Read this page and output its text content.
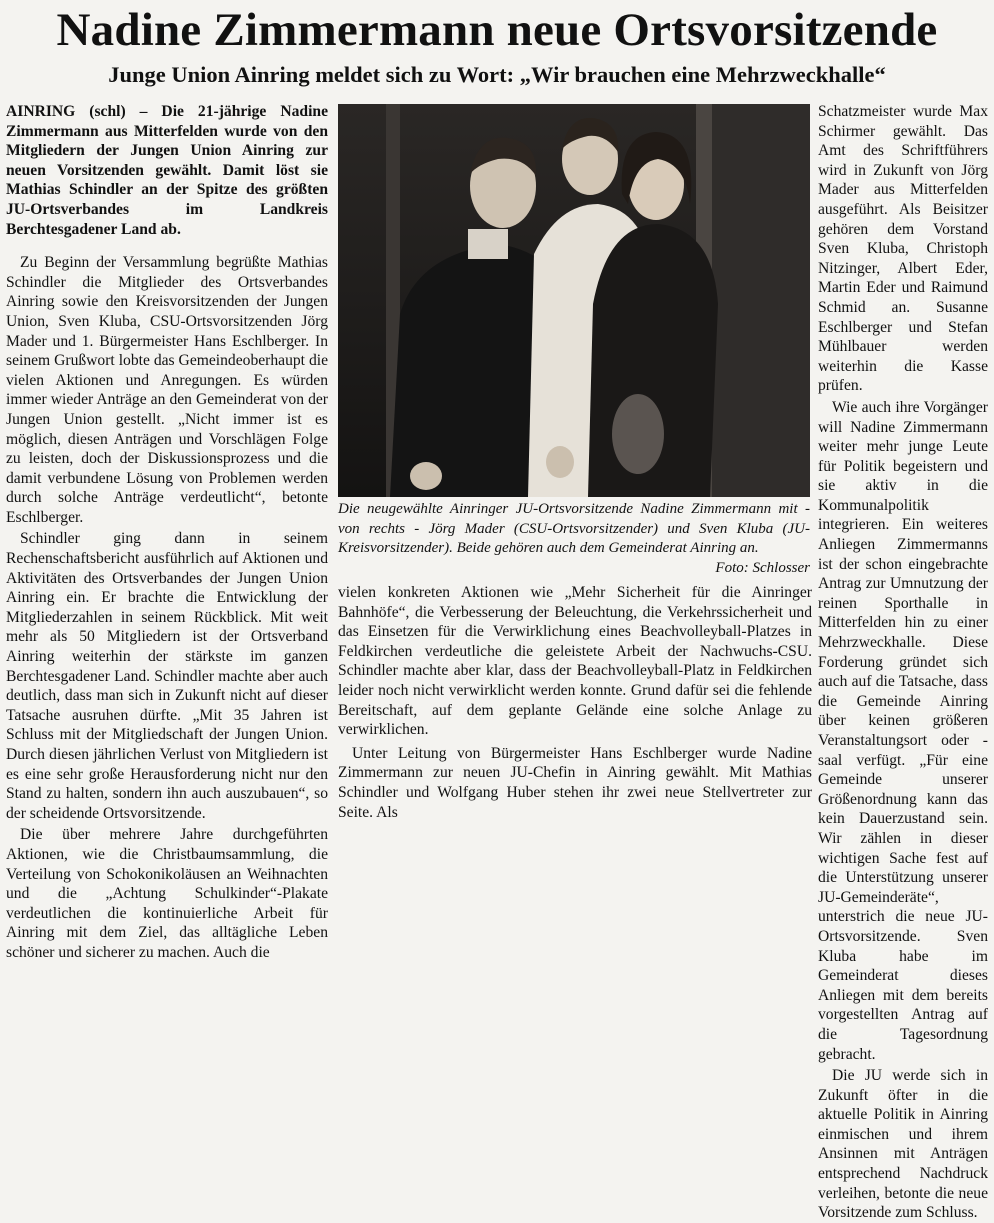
Nadine Zimmermann neue Ortsvorsitzende
Junge Union Ainring meldet sich zu Wort: „Wir brauchen eine Mehrzweckhalle“

AINRING (schl) – Die 21-jährige Nadine Zimmermann aus Mitterfelden wurde von den Mitgliedern der Jungen Union Ainring zur neuen Vorsitzenden gewählt. Damit löst sie Mathias Schindler an der Spitze des größten JU-Ortsverbandes im Landkreis Berchtesgadener Land ab.

Zu Beginn der Versammlung begrüßte Mathias Schindler die Mitglieder des Ortsverbandes Ainring sowie den Kreisvorsitzenden der Jungen Union, Sven Kluba, CSU-Ortsvorsitzenden Jörg Mader und 1. Bürgermeister Hans Eschlberger. In seinem Grußwort lobte das Gemeindeoberhaupt die vielen Aktionen und Anregungen. Es würden immer wieder Anträge an den Gemeinderat von der Jungen Union gestellt. „Nicht immer ist es möglich, diesen Anträgen und Vorschlägen Folge zu leisten, doch der Diskussionsprozess und die damit verbundene Lösung von Problemen werden durch solche Anträge verdeutlicht“, betonte Eschlberger.

Schindler ging dann in seinem Rechenschaftsbericht ausführlich auf Aktionen und Aktivitäten des Ortsverbandes der Jungen Union Ainring ein. Er brachte die Entwicklung der Mitgliederzahlen in seinem Rückblick. Mit weit mehr als 50 Mitgliedern ist der Ortsverband Ainring weiterhin der stärkste im ganzen Berchtesgadener Land. Schindler machte aber auch deutlich, dass man sich in Zukunft nicht auf dieser Tatsache ausruhen dürfte. „Mit 35 Jahren ist Schluss mit der Mitgliedschaft der Jungen Union. Durch diesen jährlichen Verlust von Mitgliedern ist es eine sehr große Herausforderung nicht nur den Stand zu halten, sondern ihn auch auszubauen“, so der scheidende Ortsvorsitzende.

Die über mehrere Jahre durchgeführten Aktionen, wie die Christbaumsammlung, die Verteilung von Schokonikoläusen an Weihnachten und die „Achtung Schulkinder“-Plakate verdeutlichen die kontinuierliche Arbeit für Ainring mit dem Ziel, das alltägliche Leben schöner und sicherer zu machen. Auch die

Die neugewählte Ainringer JU-Ortsvorsitzende Nadine Zimmermann mit - von rechts - Jörg Mader (CSU-Ortsvorsitzender) und Sven Kluba (JU-Kreisvorsitzender). Beide gehören auch dem Gemeinderat Ainring an.
Foto: Schlosser

vielen konkreten Aktionen wie „Mehr Sicherheit für die Ainringer Bahnhöfe“, die Verbesserung der Beleuchtung, die Verkehrssicherheit und das Einsetzen für die Verwirklichung eines Beachvolleyball-Platzes in Feldkirchen verdeutliche die geleistete Arbeit der Nachwuchs-CSU. Schindler machte aber klar, dass der Beachvolleyball-Platz in Feldkirchen leider noch nicht verwirklicht werden konnte. Grund dafür sei die fehlende Bereitschaft, auf dem geplante Gelände eine solche Anlage zu verwirklichen.

Unter Leitung von Bürgermeister Hans Eschlberger wurde Nadine Zimmermann zur neuen JU-Chefin in Ainring gewählt. Mit Mathias Schindler und Wolfgang Huber stehen ihr zwei neue Stellvertreter zur Seite. Als

Schatzmeister wurde Max Schirmer gewählt. Das Amt des Schriftführers wird in Zukunft von Jörg Mader aus Mitterfelden ausgeführt. Als Beisitzer gehören dem Vorstand Sven Kluba, Christoph Nitzinger, Albert Eder, Martin Eder und Raimund Schmid an. Susanne Eschlberger und Stefan Mühlbauer werden weiterhin die Kasse prüfen.

Wie auch ihre Vorgänger will Nadine Zimmermann weiter mehr junge Leute für Politik begeistern und sie aktiv in die Kommunalpolitik integrieren. Ein weiteres Anliegen Zimmermanns ist der schon eingebrachte Antrag zur Umnutzung der reinen Sporthalle in Mitterfelden hin zu einer Mehrzweckhalle. Diese Forderung gründet sich auch auf die Tatsache, dass die Gemeinde Ainring über keinen größeren Veranstaltungsort oder -saal verfügt. „Für eine Gemeinde unserer Größenordnung kann das kein Dauerzustand sein. Wir zählen in dieser wichtigen Sache fest auf die Unterstützung unserer JU-Gemeinderäte“, unterstrich die neue JU-Ortsvorsitzende. Sven Kluba habe im Gemeinderat dieses Anliegen mit dem bereits vorgestellten Antrag auf die Tagesordnung gebracht.

Die JU werde sich in Zukunft öfter in die aktuelle Politik in Ainring einmischen und ihrem Ansinnen mit Anträgen entsprechend Nachdruck verleihen, betonte die neue Vorsitzende zum Schluss.
